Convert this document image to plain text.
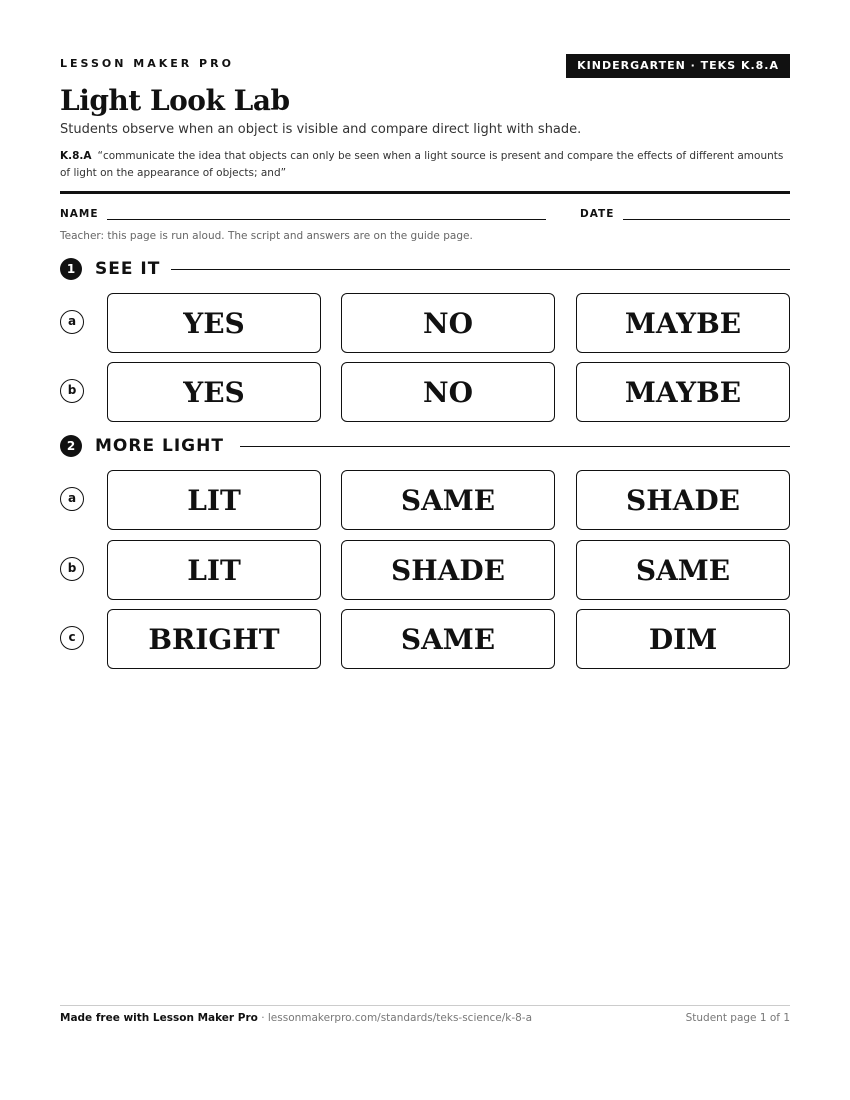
LESSON MAKER PRO	KINDERGARTEN · TEKS K.8.A
Light Look Lab
Students observe when an object is visible and compare direct light with shade.
K.8.A “communicate the idea that objects can only be seen when a light source is present and compare the effects of different amounts of light on the appearance of objects; and”
NAME	DATE
Teacher: this page is run aloud. The script and answers are on the guide page.
1	SEE IT
a	YES	NO	MAYBE
b	YES	NO	MAYBE
2	MORE LIGHT
a	LIT	SAME	SHADE
b	LIT	SHADE	SAME
c	BRIGHT	SAME	DIM
Made free with Lesson Maker Pro · lessonmakerpro.com/standards/teks-science/k-8-a	Student page 1 of 1
